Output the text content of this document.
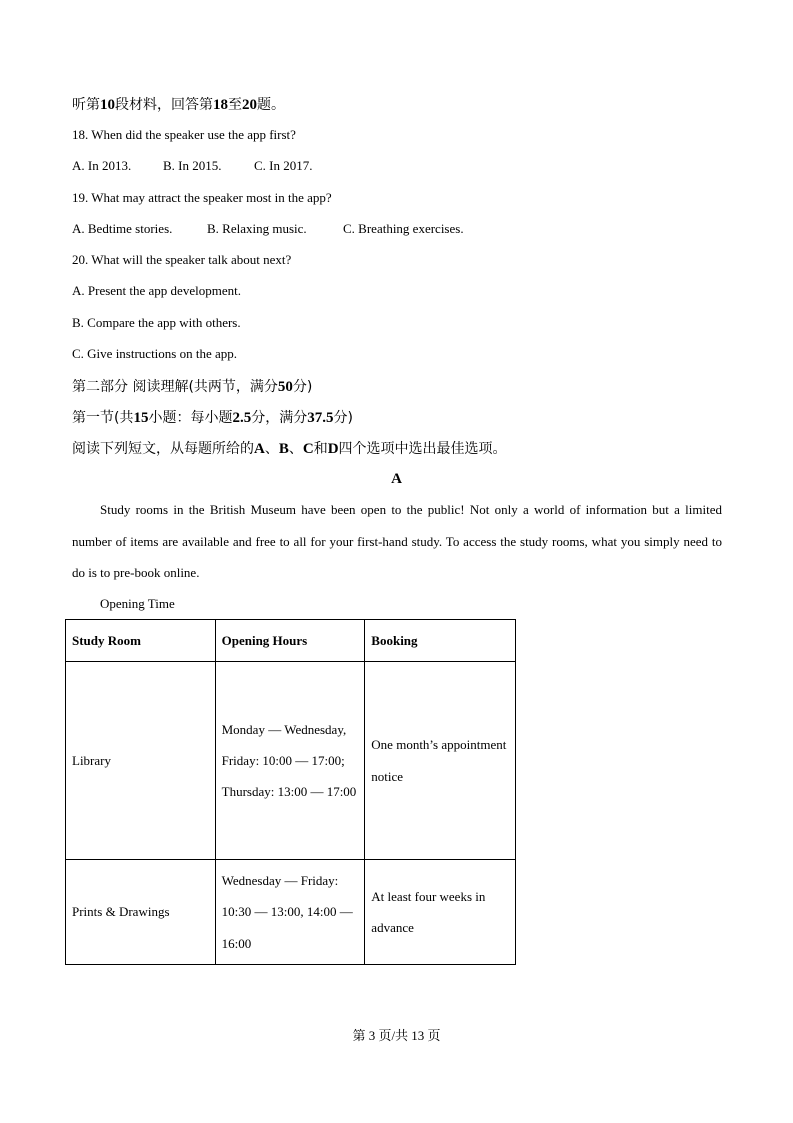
听第10段材料，回答第18至20题。
18. When did the speaker use the app first?
A. In 2013. B. In 2015.	C. In 2017.
19. What may attract the speaker most in the app?
A. Bedtime stories.	B. Relaxing music.	C. Breathing exercises.
20. What will the speaker talk about next?
A. Present the app development.
B. Compare the app with others.
C. Give instructions on the app.
第二部分 阅读理解(共两节，满分50分)
第一节(共15小题：每小题2.5分，满分37.5分)
阅读下列短文，从每题所给的A、B、C和D四个选项中选出最佳选项。
A
Study rooms in the British Museum have been open to the public! Not only a world of information but a limited number of items are available and free to all for your first-hand study. To access the study rooms, what you simply need to do is to pre-book online.
Opening Time
Study Room	Opening Hours	Booking
Library	Monday — Wednesday, Friday: 10:00 — 17:00; Thursday: 13:00 — 17:00	One month’s appointment notice
Prints & Drawings	Wednesday — Friday: 10:30 — 13:00, 14:00 — 16:00	At least four weeks in advance
第 3 页/共 13 页
